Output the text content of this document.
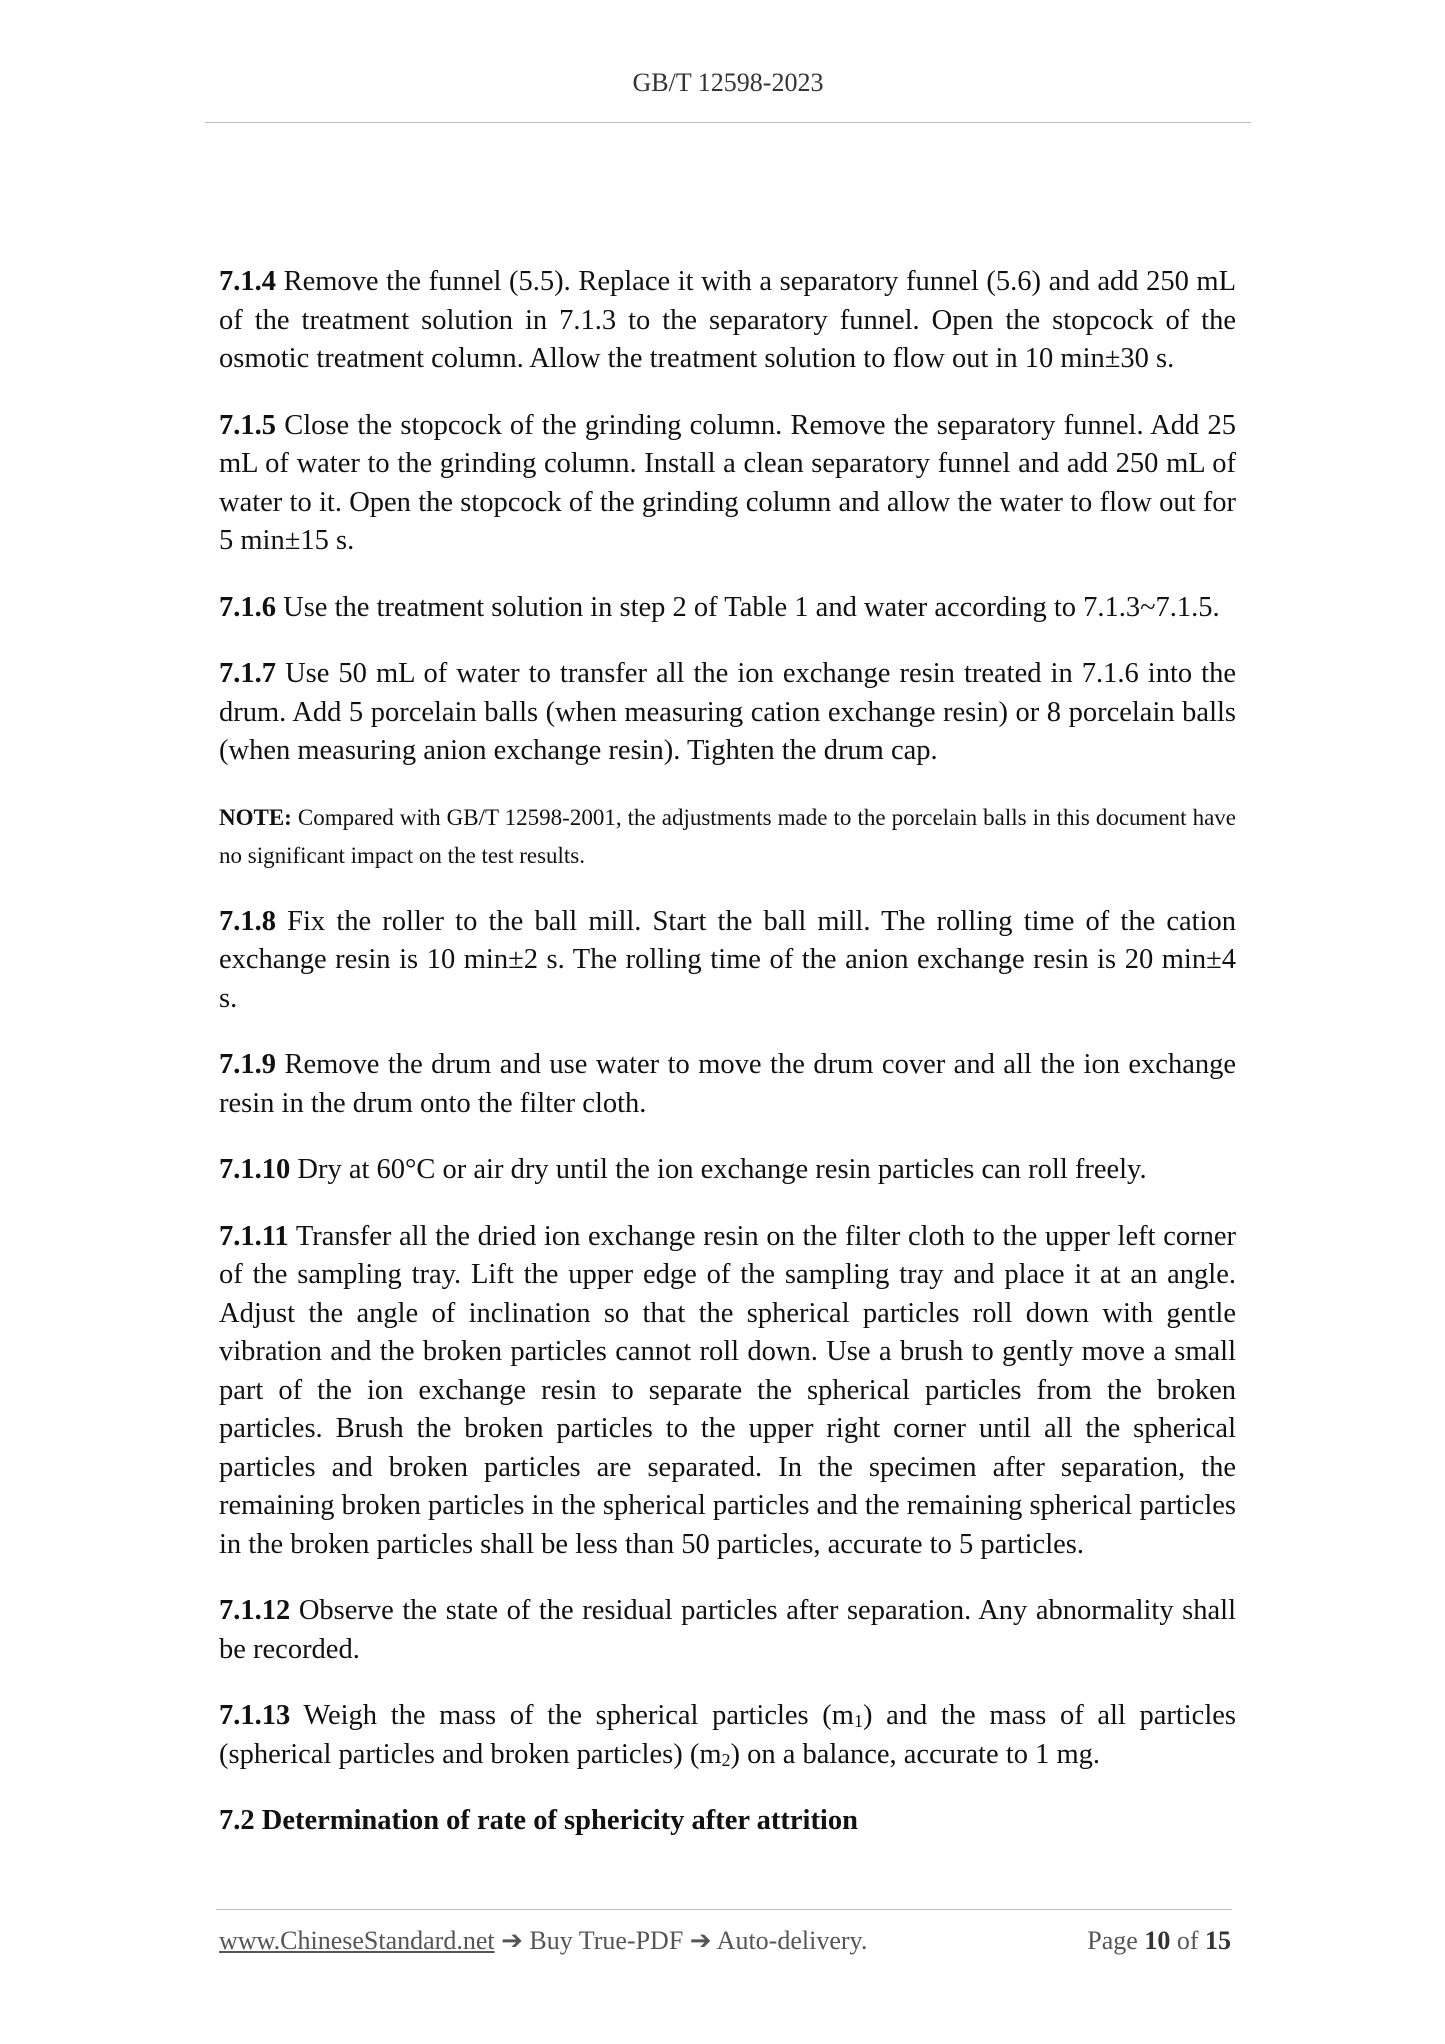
GB/T 12598-2023

7.1.4 Remove the funnel (5.5). Replace it with a separatory funnel (5.6) and add 250 mL of the treatment solution in 7.1.3 to the separatory funnel. Open the stopcock of the osmotic treatment column. Allow the treatment solution to flow out in 10 min±30 s.

7.1.5 Close the stopcock of the grinding column. Remove the separatory funnel. Add 25 mL of water to the grinding column. Install a clean separatory funnel and add 250 mL of water to it. Open the stopcock of the grinding column and allow the water to flow out for 5 min±15 s.

7.1.6 Use the treatment solution in step 2 of Table 1 and water according to 7.1.3~7.1.5.

7.1.7 Use 50 mL of water to transfer all the ion exchange resin treated in 7.1.6 into the drum. Add 5 porcelain balls (when measuring cation exchange resin) or 8 porcelain balls (when measuring anion exchange resin). Tighten the drum cap.

NOTE: Compared with GB/T 12598-2001, the adjustments made to the porcelain balls in this document have no significant impact on the test results.

7.1.8 Fix the roller to the ball mill. Start the ball mill. The rolling time of the cation exchange resin is 10 min±2 s. The rolling time of the anion exchange resin is 20 min±4 s.

7.1.9 Remove the drum and use water to move the drum cover and all the ion exchange resin in the drum onto the filter cloth.

7.1.10 Dry at 60°C or air dry until the ion exchange resin particles can roll freely.

7.1.11 Transfer all the dried ion exchange resin on the filter cloth to the upper left corner of the sampling tray. Lift the upper edge of the sampling tray and place it at an angle. Adjust the angle of inclination so that the spherical particles roll down with gentle vibration and the broken particles cannot roll down. Use a brush to gently move a small part of the ion exchange resin to separate the spherical particles from the broken particles. Brush the broken particles to the upper right corner until all the spherical particles and broken particles are separated. In the specimen after separation, the remaining broken particles in the spherical particles and the remaining spherical particles in the broken particles shall be less than 50 particles, accurate to 5 particles.

7.1.12 Observe the state of the residual particles after separation. Any abnormality shall be recorded.

7.1.13 Weigh the mass of the spherical particles $(m_1)$ and the mass of all particles (spherical particles and broken particles) $(m_2)$ on a balance, accurate to 1 mg.

7.2 Determination of rate of sphericity after attrition

www.ChineseStandard.net ➔ Buy True-PDF ➔ Auto-delivery.	Page 10 of 15
